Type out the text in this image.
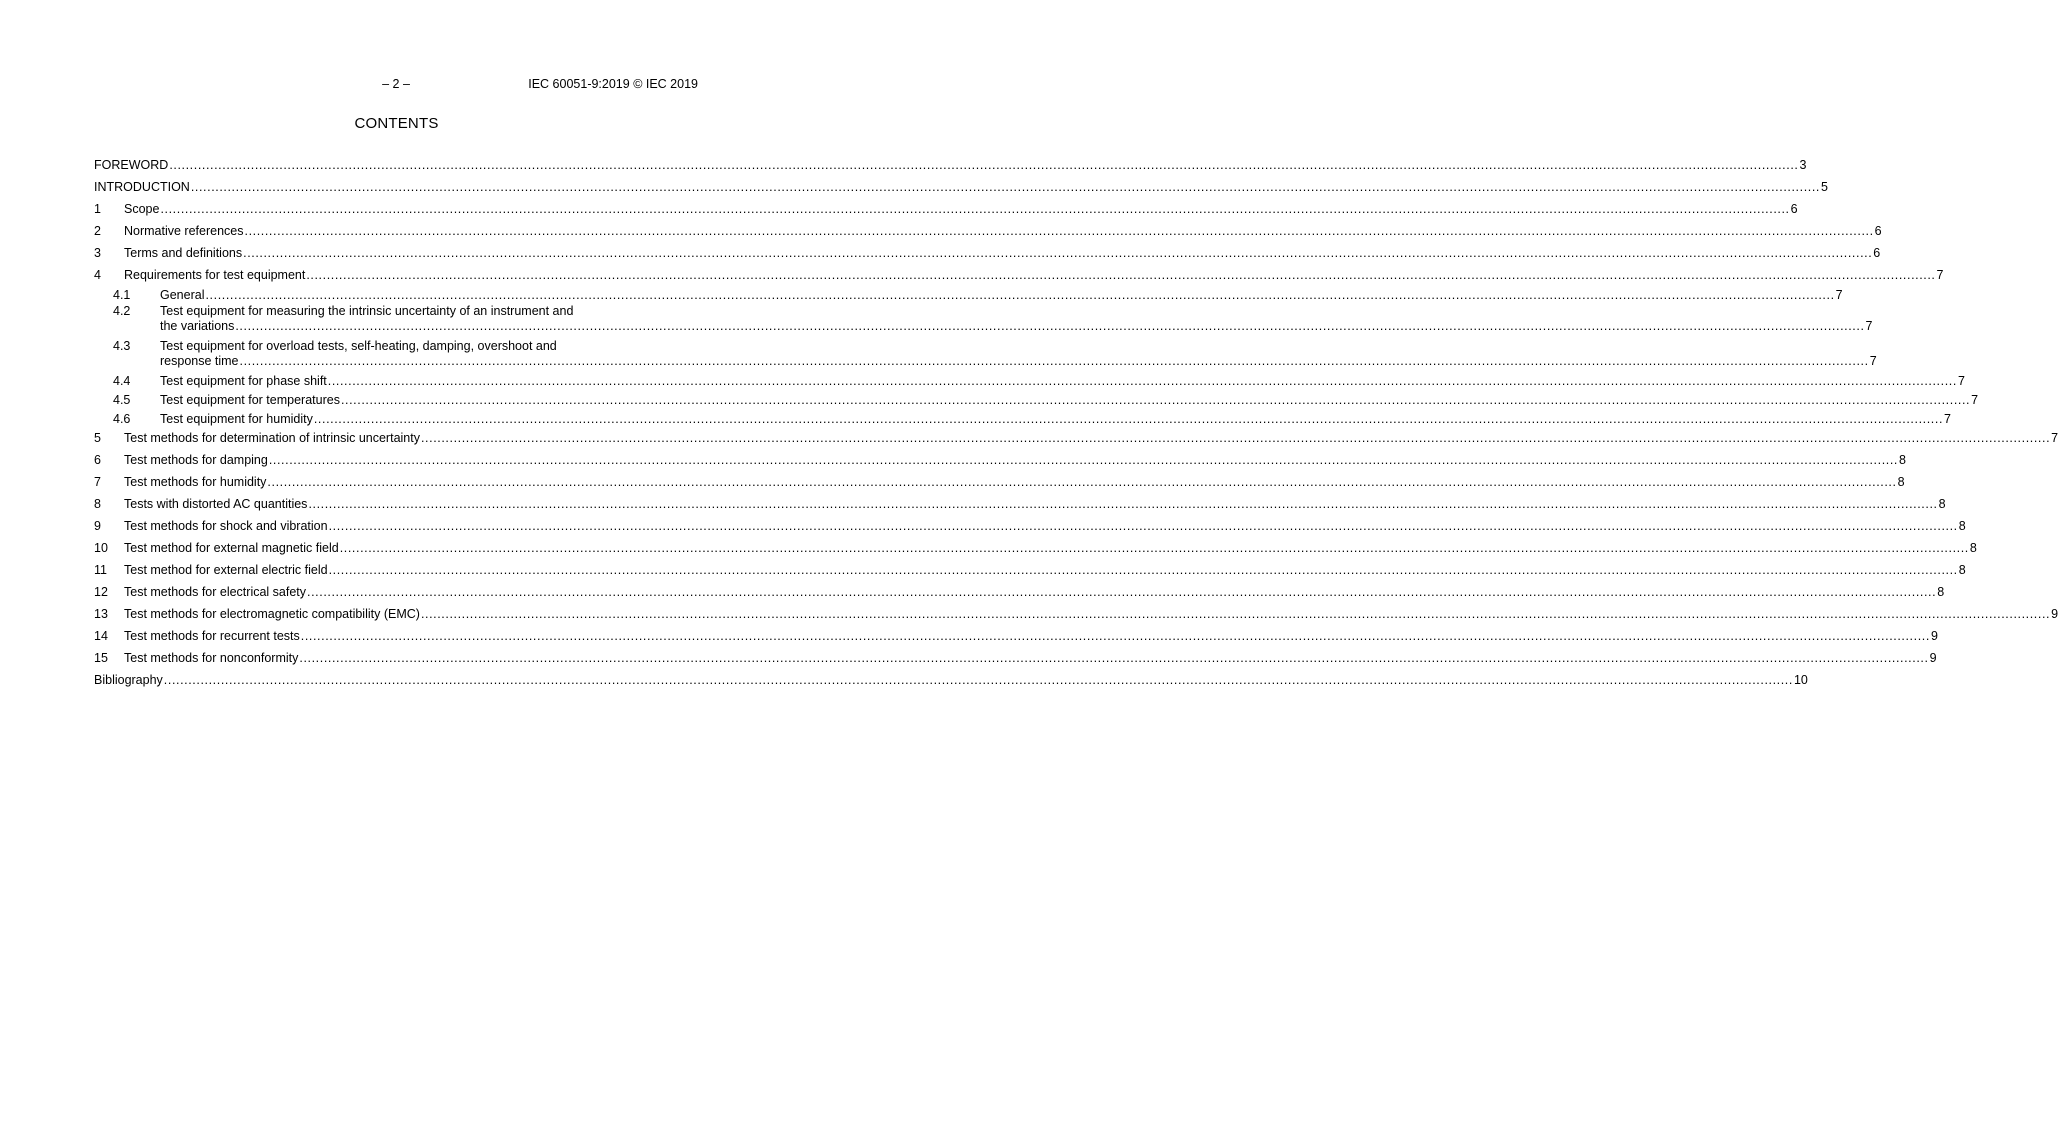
– 2 –	IEC 60051-9:2019 © IEC 2019
CONTENTS
FOREWORD ................................................................................................................................................................................................................................................................................................................................................................................................................ 3
INTRODUCTION ................................................................................................................................................................................................................................................................................................................................................................................................................ 5
1 Scope ................................................................................................................................................................................................................................................................................................................................................................................................................ 6
2 Normative references ................................................................................................................................................................................................................................................................................................................................................................................................................ 6
3 Terms and definitions ................................................................................................................................................................................................................................................................................................................................................................................................................ 6
4 Requirements for test equipment ................................................................................................................................................................................................................................................................................................................................................................................................................ 7
4.1 General ................................................................................................................................................................................................................................................................................................................................................................................................................ 7
4.2 Test equipment for measuring the intrinsic uncertainty of an instrument and
the variations ................................................................................................................................................................................................................................................................................................................................................................................................................ 7
4.3 Test equipment for overload tests, self-heating, damping, overshoot and
response time ................................................................................................................................................................................................................................................................................................................................................................................................................ 7
4.4 Test equipment for phase shift ................................................................................................................................................................................................................................................................................................................................................................................................................ 7
4.5 Test equipment for temperatures ................................................................................................................................................................................................................................................................................................................................................................................................................ 7
4.6 Test equipment for humidity ................................................................................................................................................................................................................................................................................................................................................................................................................ 7
5 Test methods for determination of intrinsic uncertainty ................................................................................................................................................................................................................................................................................................................................................................................................................ 7
6 Test methods for damping ................................................................................................................................................................................................................................................................................................................................................................................................................ 8
7 Test methods for humidity ................................................................................................................................................................................................................................................................................................................................................................................................................ 8
8 Tests with distorted AC quantities ................................................................................................................................................................................................................................................................................................................................................................................................................ 8
9 Test methods for shock and vibration ................................................................................................................................................................................................................................................................................................................................................................................................................ 8
10 Test method for external magnetic field ................................................................................................................................................................................................................................................................................................................................................................................................................ 8
11 Test method for external electric field ................................................................................................................................................................................................................................................................................................................................................................................................................ 8
12 Test methods for electrical safety ................................................................................................................................................................................................................................................................................................................................................................................................................ 8
13 Test methods for electromagnetic compatibility (EMC) ................................................................................................................................................................................................................................................................................................................................................................................................................ 9
14 Test methods for recurrent tests ................................................................................................................................................................................................................................................................................................................................................................................................................ 9
15 Test methods for nonconformity ................................................................................................................................................................................................................................................................................................................................................................................................................ 9
Bibliography ................................................................................................................................................................................................................................................................................................................................................................................................................ 10
